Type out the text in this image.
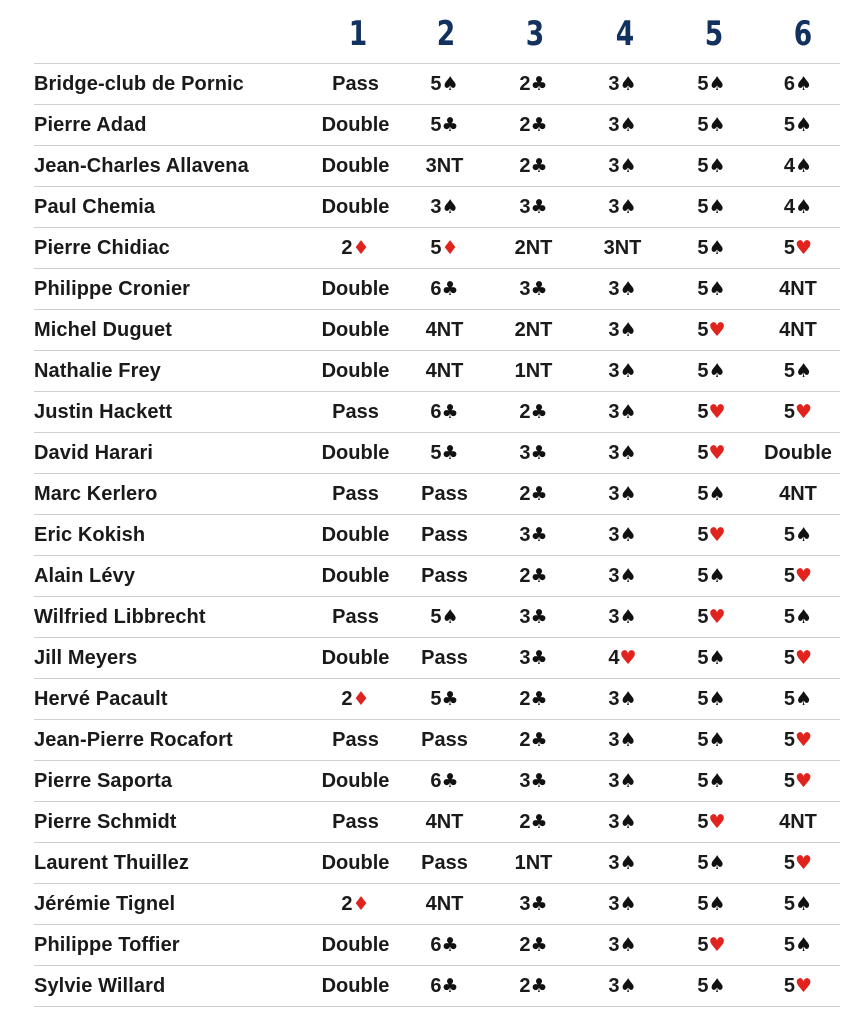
1	2	3	4	5	6
Bridge-club de Pornic	Pass	5♠	2♣	3♠	5♠	6♠
Pierre Adad	Double	5♣	2♣	3♠	5♠	5♠
Jean-Charles Allavena	Double	3NT	2♣	3♠	5♠	4♠
Paul Chemia	Double	3♠	3♣	3♠	5♠	4♠
Pierre Chidiac	2♦	5♦	2NT	3NT	5♠	5♥
Philippe Cronier	Double	6♣	3♣	3♠	5♠	4NT
Michel Duguet	Double	4NT	2NT	3♠	5♥	4NT
Nathalie Frey	Double	4NT	1NT	3♠	5♠	5♠
Justin Hackett	Pass	6♣	2♣	3♠	5♥	5♥
David Harari	Double	5♣	3♣	3♠	5♥	Double
Marc Kerlero	Pass	Pass	2♣	3♠	5♠	4NT
Eric Kokish	Double	Pass	3♣	3♠	5♥	5♠
Alain Lévy	Double	Pass	2♣	3♠	5♠	5♥
Wilfried Libbrecht	Pass	5♠	3♣	3♠	5♥	5♠
Jill Meyers	Double	Pass	3♣	4♥	5♠	5♥
Hervé Pacault	2♦	5♣	2♣	3♠	5♠	5♠
Jean-Pierre Rocafort	Pass	Pass	2♣	3♠	5♠	5♥
Pierre Saporta	Double	6♣	3♣	3♠	5♠	5♥
Pierre Schmidt	Pass	4NT	2♣	3♠	5♥	4NT
Laurent Thuillez	Double	Pass	1NT	3♠	5♠	5♥
Jérémie Tignel	2♦	4NT	3♣	3♠	5♠	5♠
Philippe Toffier	Double	6♣	2♣	3♠	5♥	5♠
Sylvie Willard	Double	6♣	2♣	3♠	5♠	5♥
